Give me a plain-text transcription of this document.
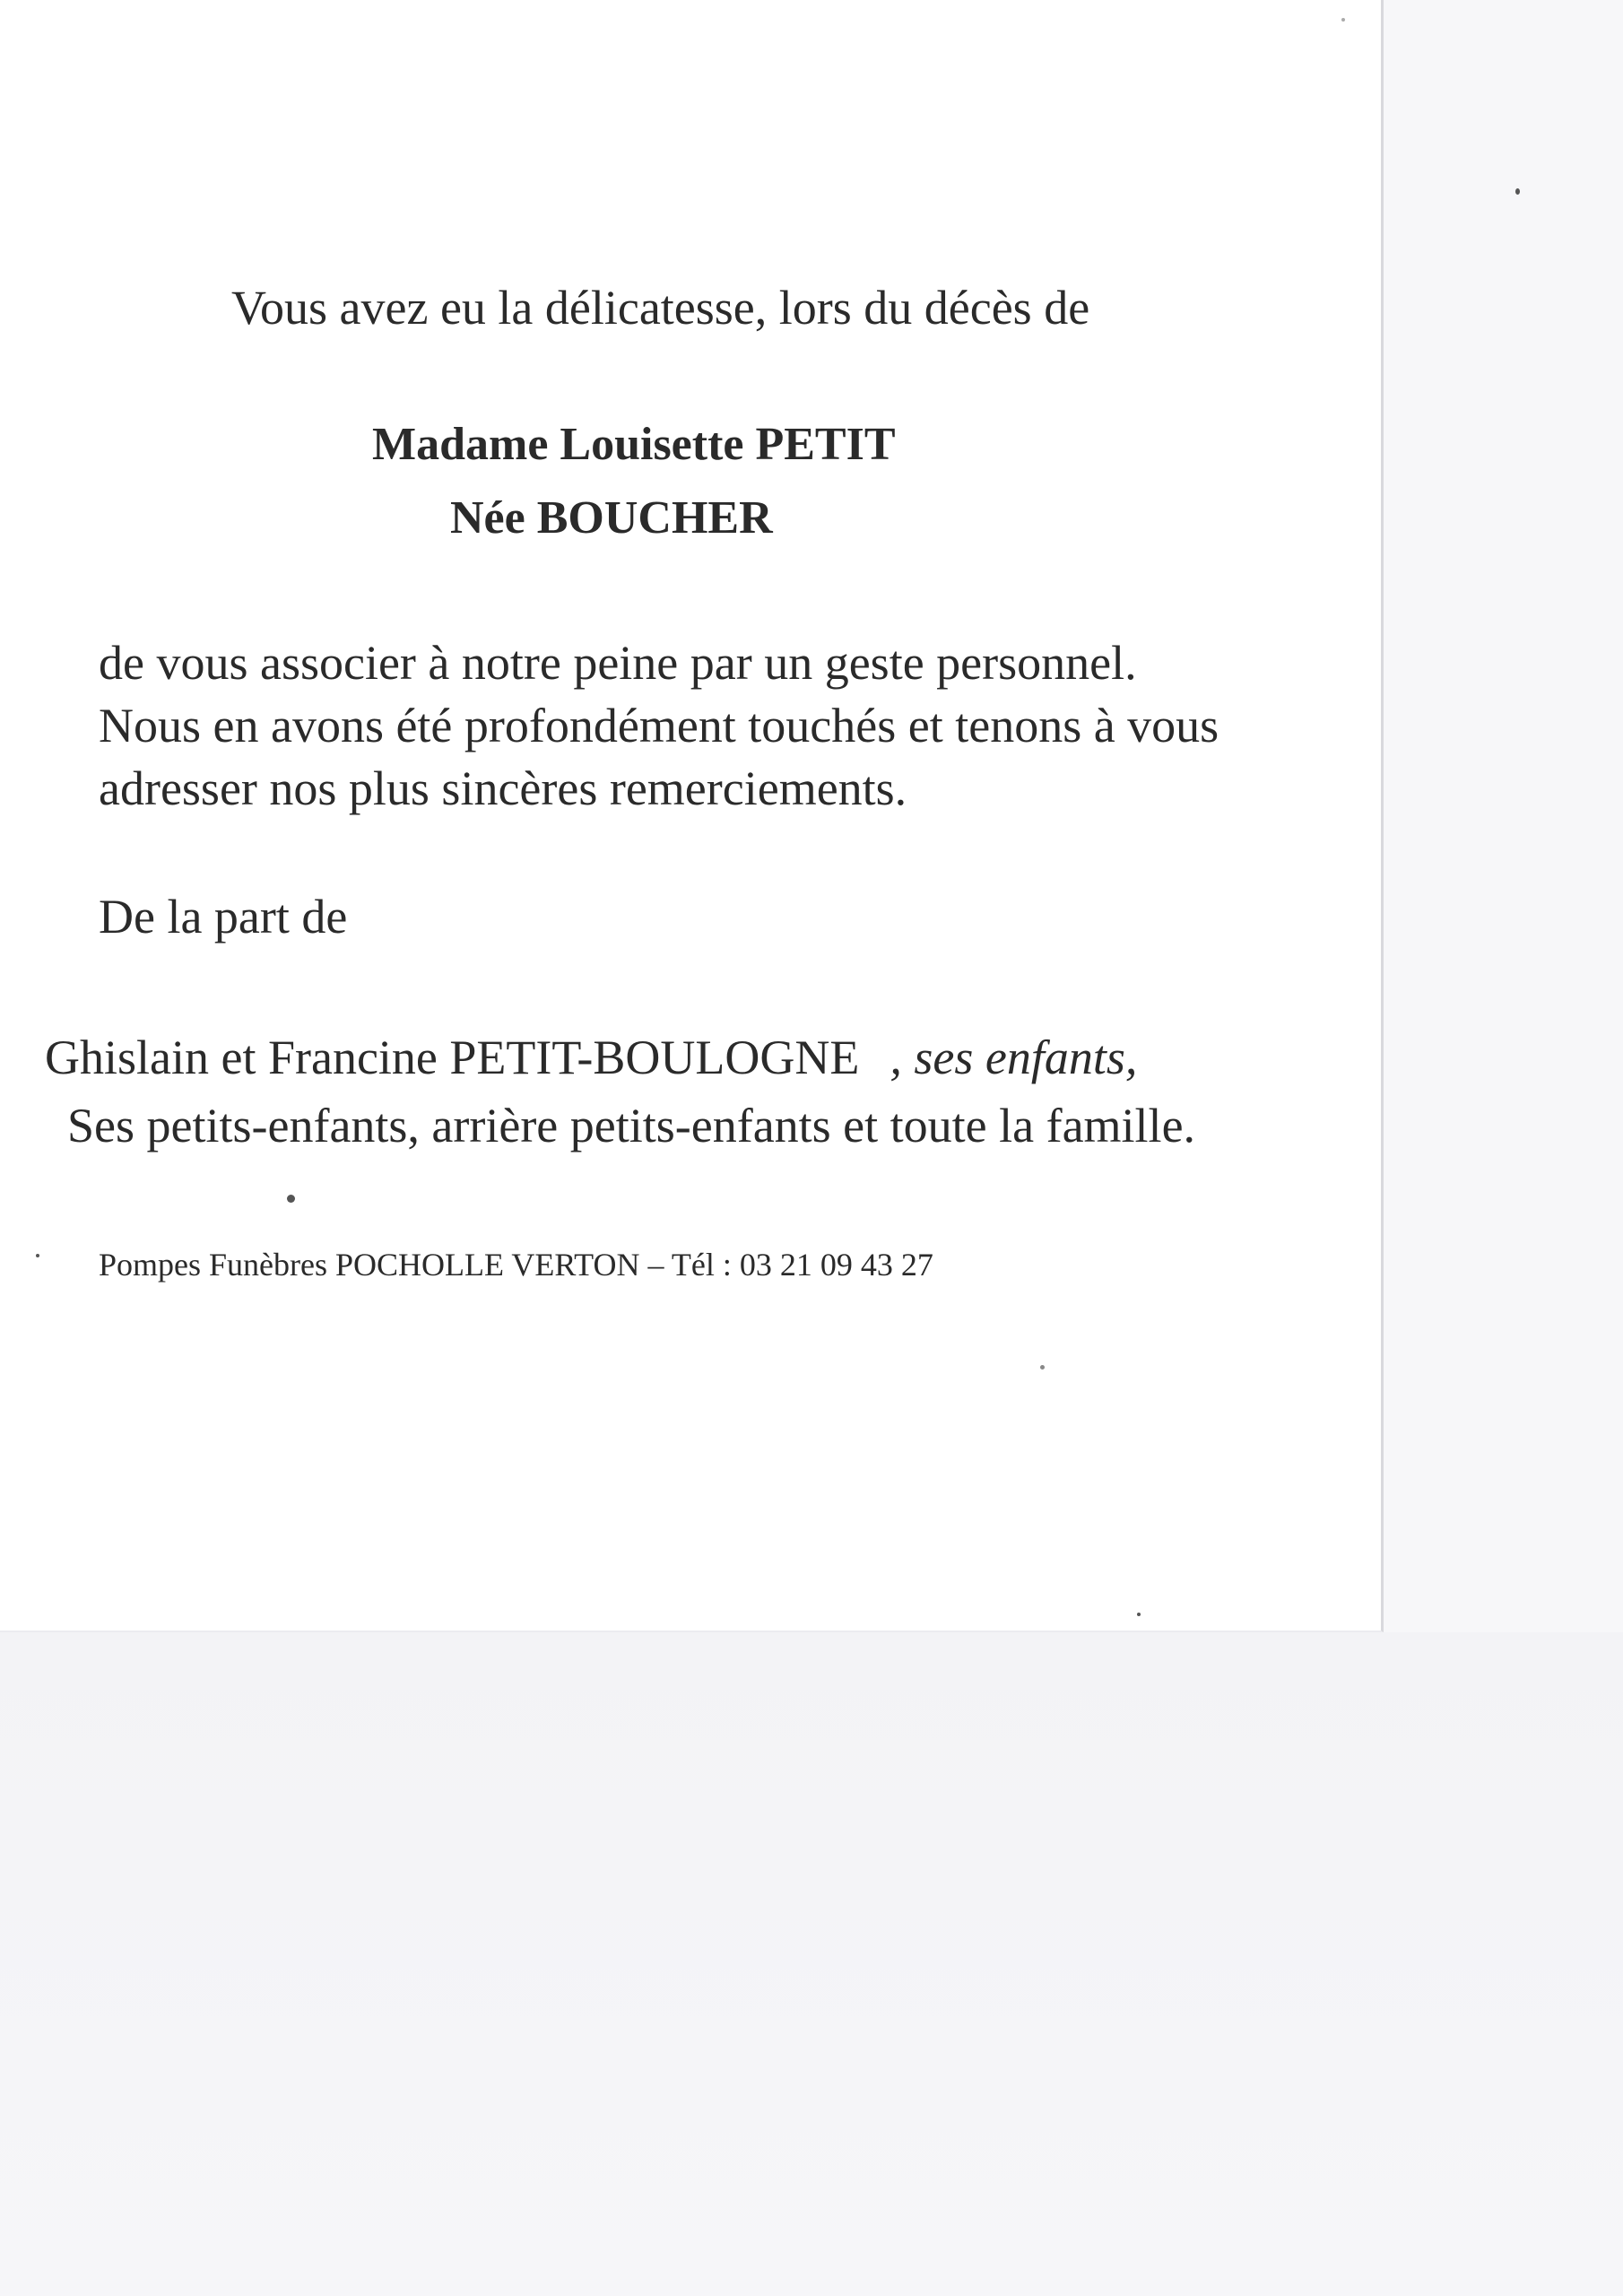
Vous avez eu la délicatesse, lors du décès de
Madame Louisette PETIT
Née BOUCHER
de vous associer à notre peine par un geste personnel.
Nous en avons été profondément touchés et tenons à vous
adresser nos plus sincères remerciements.
De la part de
Ghislain et Francine PETIT-BOULOGNE , ses enfants,
Ses petits-enfants, arrière petits-enfants et toute la famille.
Pompes Funèbres POCHOLLE VERTON – Tél : 03 21 09 43 27
